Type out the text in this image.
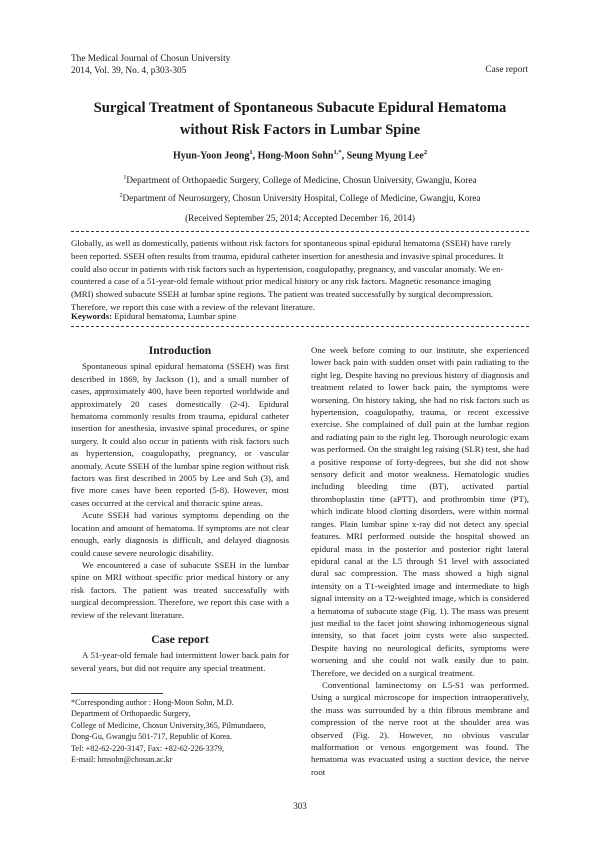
The Medical Journal of Chosun University
2014, Vol. 39, No. 4, p303-305	Case report
Surgical Treatment of Spontaneous Subacute Epidural Hematoma
without Risk Factors in Lumbar Spine
Hyun-Yoon Jeong$^1$, Hong-Moon Sohn$^{1,*}$, Seung Myung Lee$^2$
$^1$Department of Orthopaedic Surgery, College of Medicine, Chosun University, Gwangju, Korea
$^2$Department of Neurosurgery, Chosun University Hospital, College of Medicine, Gwangju, Korea
(Received September 25, 2014; Accepted December 16, 2014)
Globally, as well as domestically, patients without risk factors for spontaneous spinal epidural hematoma (SSEH) have rarely
been reported. SSEH often results from trauma, epidural catheter insertion for anesthesia and invasive spinal procedures. It
could also occur in patients with risk factors such as hypertension, coagulopathy, pregnancy, and vascular anomaly. We en-
countered a case of a 51-year-old female without prior medical history or any risk factors. Magnetic resonance imaging
(MRI) showed subacute SSEH at lumbar spine regions. The patient was treated successfully by surgical decompression.
Therefore, we report this case with a review of the relevant literature.
Keywords: Epidural hematoma, Lumbar spine
Introduction

Spontaneous spinal epidural hematoma (SSEH) was first described in 1869, by Jackson (1), and a small number of cases, approximately 400, have been reported worldwide and approximately 20 cases domestically (2-4). Epidural hematoma commonly results from trauma, epidural catheter insertion for anesthesia, invasive spinal procedures, or spine surgery. It could also occur in patients with risk factors such as hypertension, coagulopathy, pregnancy, or vascular anomaly. Acute SSEH of the lumbar spine region without risk factors was first described in 2005 by Lee and Suh (3), and five more cases have been reported (5-8). However, most cases occurred at the cervical and thoracic spine areas.

Acute SSEH had various symptoms depending on the location and amount of hematoma. If symptoms are not clear enough, early diagnosis is difficult, and delayed diagnosis could cause severe neurologic disability.

We encountered a case of subacute SSEH in the lumbar spine on MRI without specific prior medical history or any risk factors. The patient was treated successfully with surgical decompression. Therefore, we report this case with a review of the relevant literature.

Case report

A 51-year-old female had intermittent lower back pain for several years, but did not require any special treatment.

One week before coming to our institute, she experienced lower back pain with sudden onset with pain radiating to the right leg. Despite having no previous history of diagnosis and treatment related to lower back pain, the symptoms were worsening. On history taking, she had no risk factors such as hypertension, coagulopathy, trauma, or recent excessive exercise. She complained of dull pain at the lumbar region and radiating pain to the right leg. Thorough neurologic exam was performed. On the straight leg raising (SLR) test, she had a positive response of forty-degrees, but she did not show sensory deficit and motor weakness. Hematologic studies including bleeding time (BT), activated partial thromboplastin time (aPTT), and prothrombin time (PT), which indicate blood clotting disorders, were within normal ranges. Plain lumbar spine x-ray did not detect any special features. MRI performed outside the hospital showed an epidural mass in the posterior and posterior right lateral epidural canal at the L5 through S1 level with associated dural sac compression. The mass showed a high signal intensity on a T1-weighted image and intermediate to high signal intensity on a T2-weighted image, which is considered a hematoma of subacute stage (Fig. 1). The mass was present just medial to the facet joint showing inhomogeneous signal intensity, so that facet joint cysts were also suspected. Despite having no neurological deficits, symptoms were worsening and she could not walk easily due to pain. Therefore, we decided on a surgical treatment.

Conventional laminectomy on L5-S1 was performed. Using a surgical microscope for inspection intraoperatively, the mass was surrounded by a thin fibrous membrane and compression of the nerve root at the shoulder area was observed (Fig. 2). However, no obvious vascular malformation or venous engorgement was found. The hematoma was evacuated using a suction device, the nerve root

*Corresponding author : Hong-Moon Sohn, M.D.
Department of Orthopaedic Surgery,
College of Medicine, Chosun University,365, Pilmundaero,
Dong-Gu, Gwangju 501-717, Republic of Korea.
Tel: +82-62-220-3147, Fax: +82-62-226-3379,
E-mail: hmsohn@chosun.ac.kr
303
